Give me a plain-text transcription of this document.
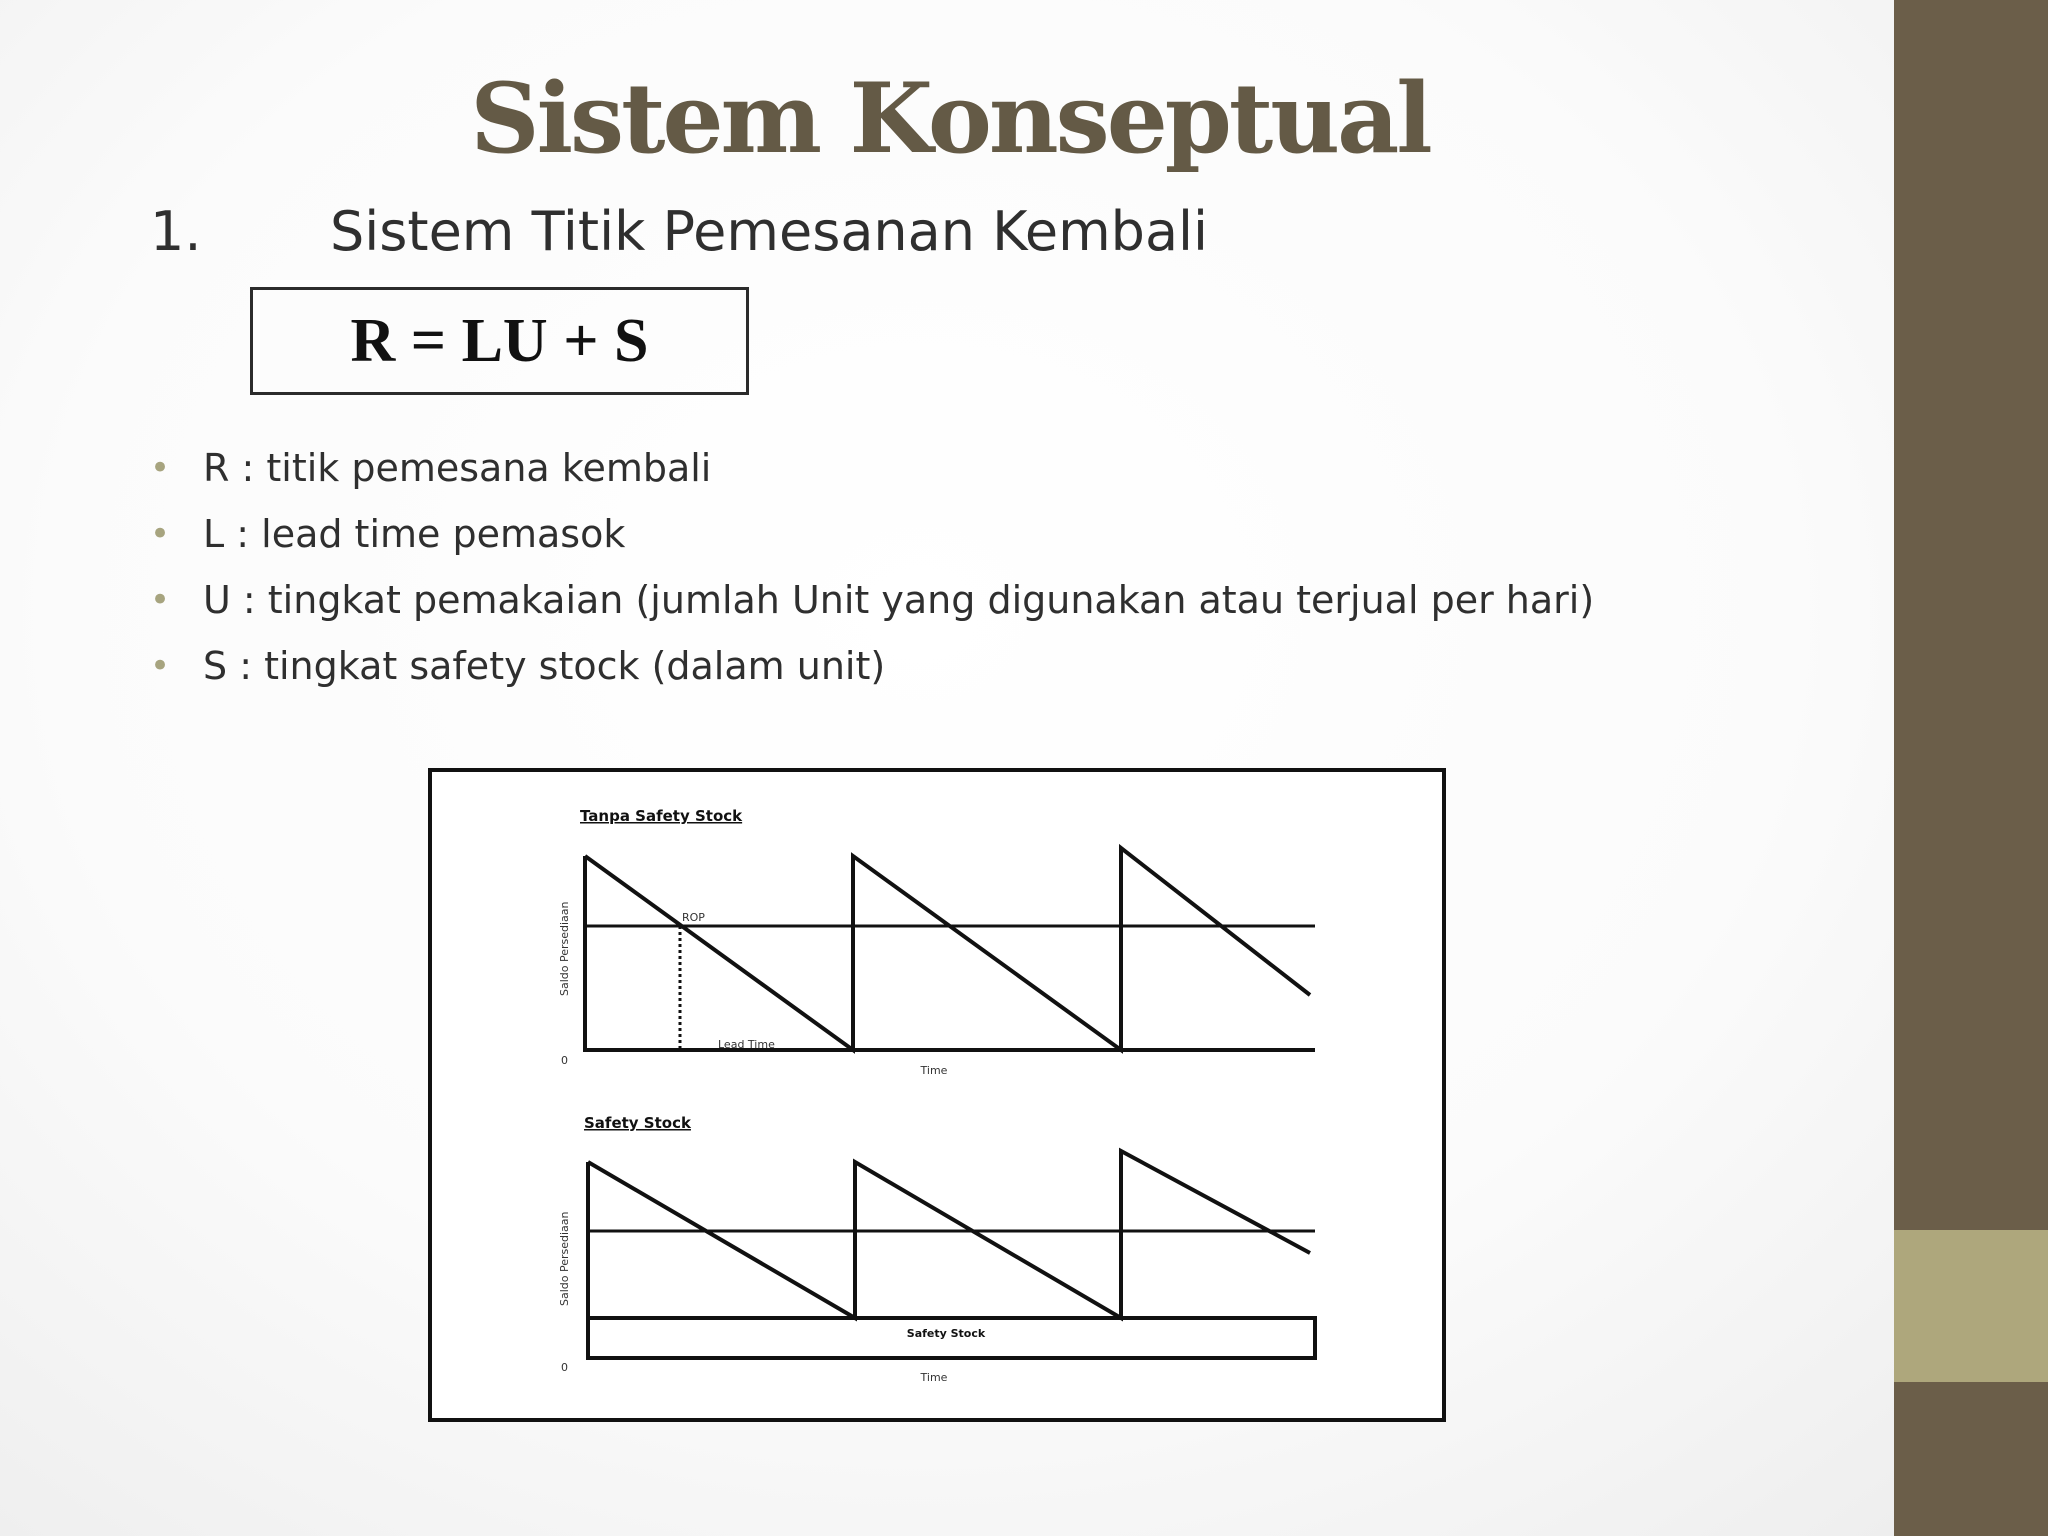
Sistem Konseptual
1. Sistem Titik Pemesanan Kembali
R = LU + S
• R : titik pemesana kembali
• L : lead time pemasok
• U : tingkat pemakaian (jumlah Unit yang digunakan atau terjual per hari)
• S : tingkat safety stock (dalam unit)
Tanpa Safety Stock
ROP
Lead Time
Saldo Persediaan
0
Time
Safety Stock
Safety Stock
Saldo Persediaan
0
Time
